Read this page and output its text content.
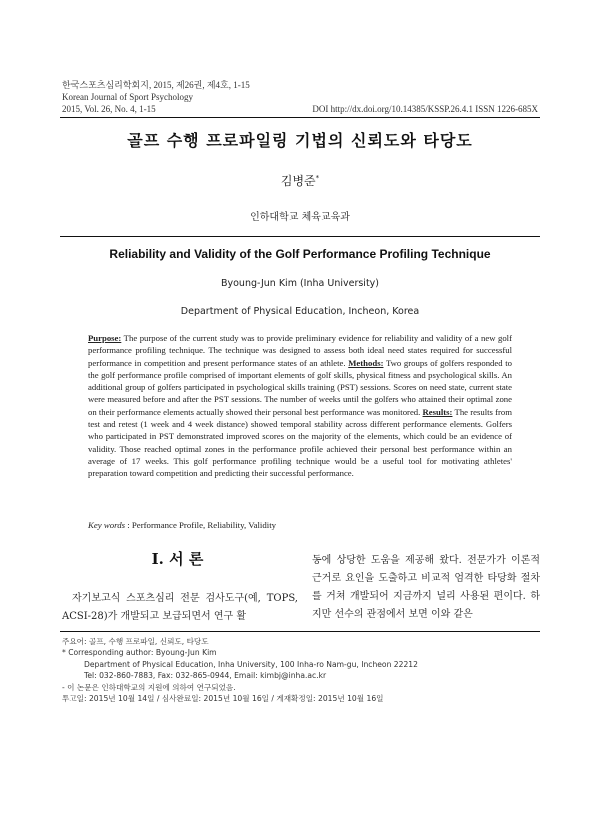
한국스포츠심리학회지, 2015, 제26권, 제4호, 1-15
Korean Journal of Sport Psychology
2015, Vol. 26, No. 4, 1-15	DOI http://dx.doi.org/10.14385/KSSP.26.4.1 ISSN 1226-685X
골프 수행 프로파일링 기법의 신뢰도와 타당도
김병준*
인하대학교 체육교육과
Reliability and Validity of the Golf Performance Profiling Technique
Byoung-Jun Kim (Inha University)
Department of Physical Education, Incheon, Korea
Purpose: The purpose of the current study was to provide preliminary evidence for reliability and validity of a new golf performance profiling technique. The technique was designed to assess both ideal need states required for successful performance in competition and present performance states of an athlete. Methods: Two groups of golfers responded to the golf performance profile comprised of important elements of golf skills, physical fitness and psychological skills. An additional group of golfers participated in psychological skills training (PST) sessions. Scores on need state, current state were measured before and after the PST sessions. The number of weeks until the golfers who attained their optimal zone on their performance elements actually showed their personal best performance was monitored. Results: The results from test and retest (1 week and 4 week distance) showed temporal stability across different performance elements. Golfers who participated in PST demonstrated improved scores on the majority of the elements, which could be an evidence of validity. Those reached optimal zones in the performance profile achieved their personal best performance within an average of 17 weeks. This golf performance profiling technique would be a useful tool for motivating athletes' preparation toward competition and predicting their successful performance.
Key words : Performance Profile, Reliability, Validity
I. 서 론
자기보고식 스포츠심리 전문 검사도구(예, TOPS, ACSI-28)가 개발되고 보급되면서 연구 활
동에 상당한 도움을 제공해 왔다. 전문가가 이론적 근거로 요인을 도출하고 비교적 엄격한 타당화 절차를 거쳐 개발되어 지금까지 널리 사용된 편이다. 하지만 선수의 관점에서 보면 이와 같은
주요어: 골프, 수행 프로파일, 신뢰도, 타당도
* Corresponding author: Byoung-Jun Kim
Department of Physical Education, Inha University, 100 Inha-ro Nam-gu, Incheon 22212
Tel: 032-860-7883, Fax: 032-865-0944, Email: kimbj@inha.ac.kr
- 이 논문은 인하대학교의 지원에 의하여 연구되었음.
투고일: 2015년 10월 14일 / 심사완료일: 2015년 10월 16일 / 게재확정일: 2015년 10월 16일
